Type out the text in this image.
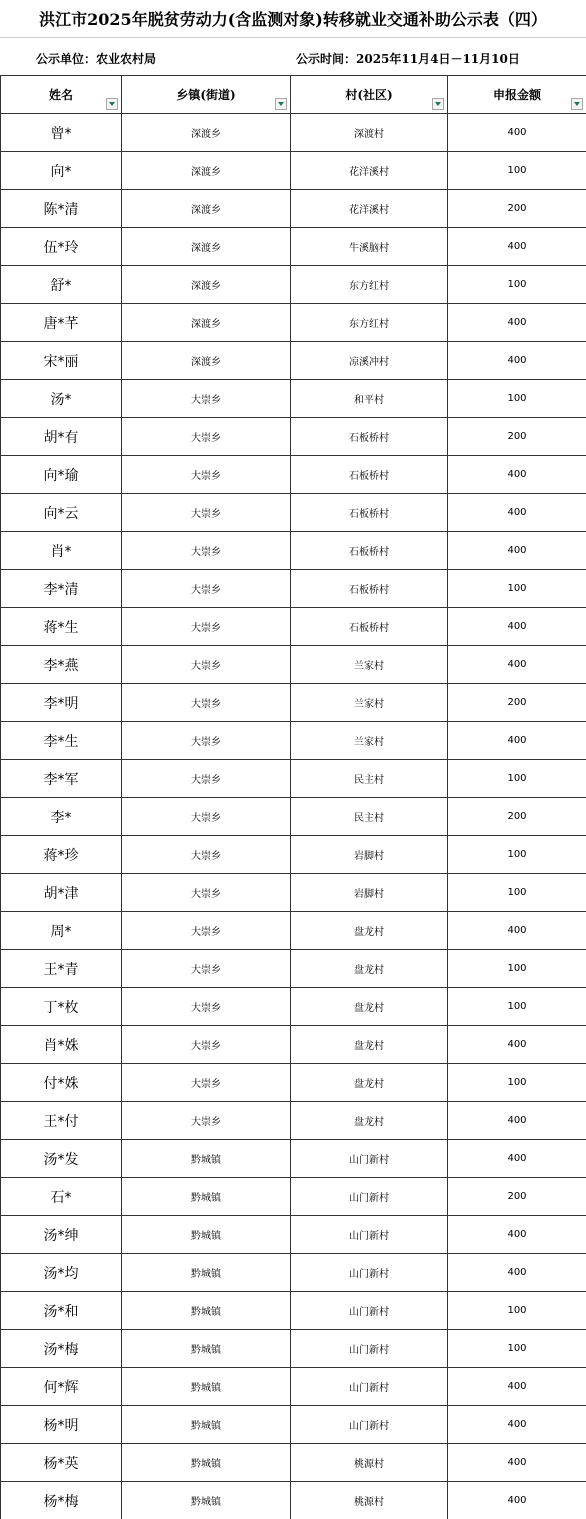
洪江市2025年脱贫劳动力(含监测对象)转移就业交通补助公示表（四）
公示单位：农业农村局	公示时间：2025年11月4日－11月10日
姓名	乡镇(街道)	村(社区)	申报金额

曾*	深渡乡	深渡村	400
向*	深渡乡	花洋溪村	100
陈*清	深渡乡	花洋溪村	200
伍*玲	深渡乡	牛溪脑村	400
舒*	深渡乡	东方红村	100
唐*芊	深渡乡	东方红村	400
宋*丽	深渡乡	凉溪冲村	400
汤*	大崇乡	和平村	100
胡*有	大崇乡	石板桥村	200
向*瑜	大崇乡	石板桥村	400
向*云	大崇乡	石板桥村	400
肖*	大崇乡	石板桥村	400
李*清	大崇乡	石板桥村	100
蒋*生	大崇乡	石板桥村	400
李*燕	大崇乡	兰家村	400
李*明	大崇乡	兰家村	200
李*生	大崇乡	兰家村	400
李*军	大崇乡	民主村	100
李*	大崇乡	民主村	200
蒋*珍	大崇乡	岩脚村	100
胡*津	大崇乡	岩脚村	100
周*	大崇乡	盘龙村	400
王*青	大崇乡	盘龙村	100
丁*枚	大崇乡	盘龙村	100
肖*姝	大崇乡	盘龙村	400
付*姝	大崇乡	盘龙村	100
王*付	大崇乡	盘龙村	400
汤*发	黔城镇	山门新村	400
石*	黔城镇	山门新村	200
汤*绅	黔城镇	山门新村	400
汤*均	黔城镇	山门新村	400
汤*和	黔城镇	山门新村	100
汤*梅	黔城镇	山门新村	100
何*辉	黔城镇	山门新村	400
杨*明	黔城镇	山门新村	400
杨*英	黔城镇	桃源村	400
杨*梅	黔城镇	桃源村	400
